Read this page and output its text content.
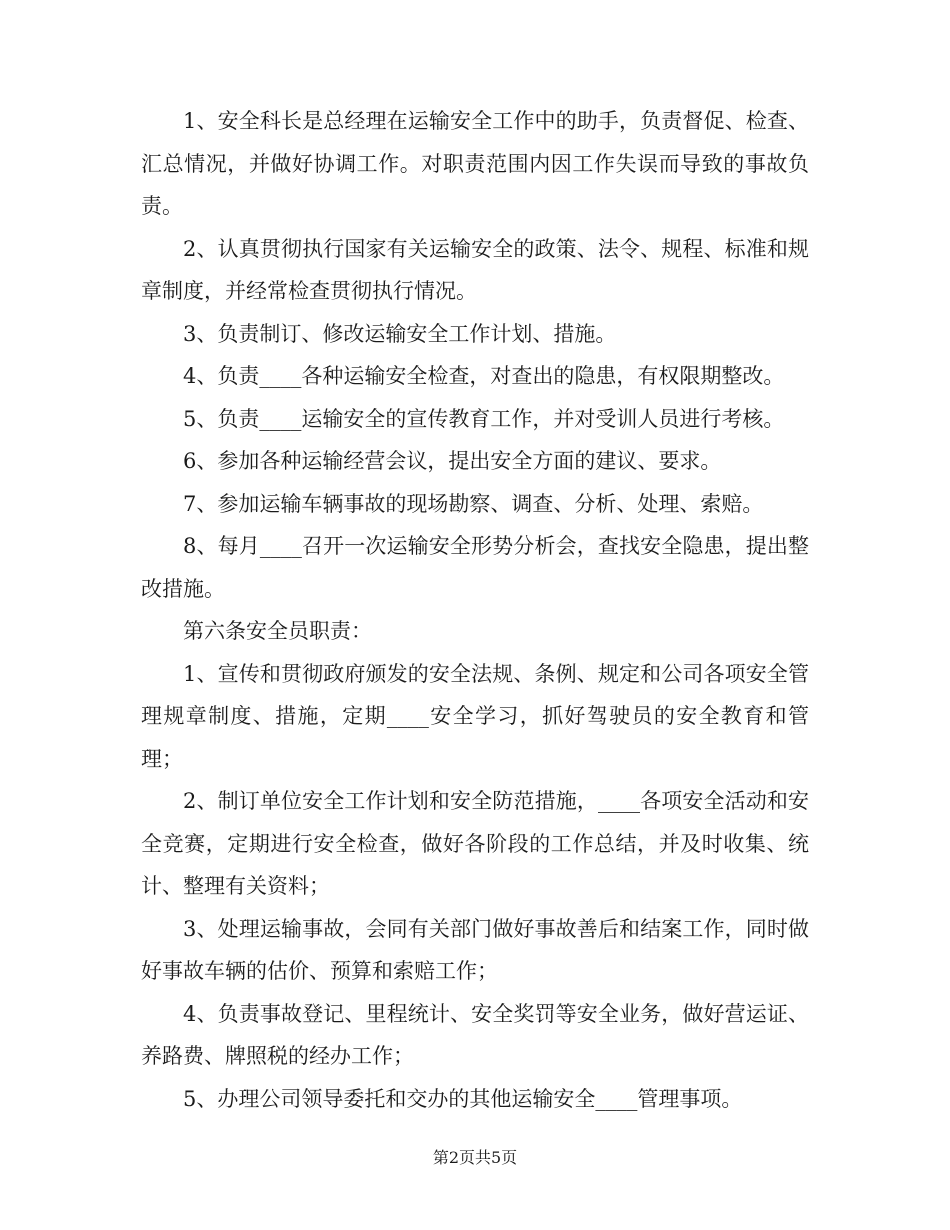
1、安全科长是总经理在运输安全工作中的助手，负责督促、检查、汇总情况，并做好协调工作。对职责范围内因工作失误而导致的事故负责。

2、认真贯彻执行国家有关运输安全的政策、法令、规程、标准和规章制度，并经常检查贯彻执行情况。

3、负责制订、修改运输安全工作计划、措施。

4、负责____各种运输安全检查，对查出的隐患，有权限期整改。

5、负责____运输安全的宣传教育工作，并对受训人员进行考核。

6、参加各种运输经营会议，提出安全方面的建议、要求。

7、参加运输车辆事故的现场勘察、调查、分析、处理、索赔。

8、每月____召开一次运输安全形势分析会，查找安全隐患，提出整改措施。

第六条安全员职责：

1、宣传和贯彻政府颁发的安全法规、条例、规定和公司各项安全管理规章制度、措施，定期____安全学习，抓好驾驶员的安全教育和管理；

2、制订单位安全工作计划和安全防范措施，____各项安全活动和安全竞赛，定期进行安全检查，做好各阶段的工作总结，并及时收集、统计、整理有关资料；

3、处理运输事故，会同有关部门做好事故善后和结案工作，同时做好事故车辆的估价、预算和索赔工作；

4、负责事故登记、里程统计、安全奖罚等安全业务，做好营运证、养路费、牌照税的经办工作；

5、办理公司领导委托和交办的其他运输安全____管理事项。

第2页共5页
